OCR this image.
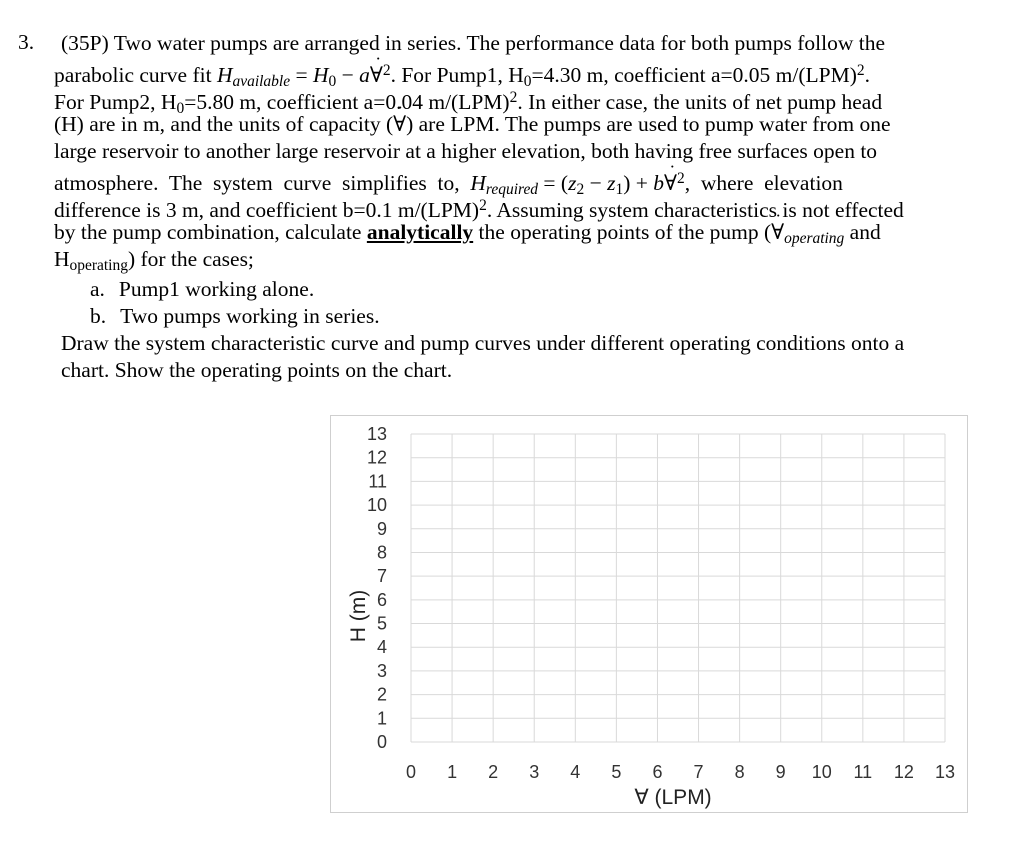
3. (35P) Two water pumps are arranged in series. The performance data for both pumps follow the
parabolic curve fit Havailable = $H_0$ − a∀ ˙$^2$. For Pump1, $H_0=4.30$ m, coefficient a=0.05 m/(LPM)$^2$.
For Pump2, $H_0=5.80$ m, coefficient a=0.04 m/(LPM)$^2$. In either case, the units of net pump head
(H) are in m, and the units of capacity (∀ ˙) are LPM. The pumps are used to pump water from one
large reservoir to another large reservoir at a higher elevation, both having free surfaces open to
atmosphere.  The  system  curve  simplifies  to,  Hrequired = $(z_2 - z_1)$ + b∀ ˙$^2$,  where  elevation
difference is 3 m, and coefficient b=0.1 m/(LPM)$^2$. Assuming system characteristics is not effected
by the pump combination, calculate analytically the operating points of the pump (∀ ˙operating and
$H_{operating}$) for the cases;
a. Pump1 working alone.
b. Two pumps working in series.
Draw the system characteristic curve and pump curves under different operating conditions onto a
chart. Show the operating points on the chart.
0
1
2
3
4
5
6
7
8
9
10
11
12
13
0 1 2 3 4 5 6 7 8 9 10 11 12 13
H (m)
∀ (LPM)
